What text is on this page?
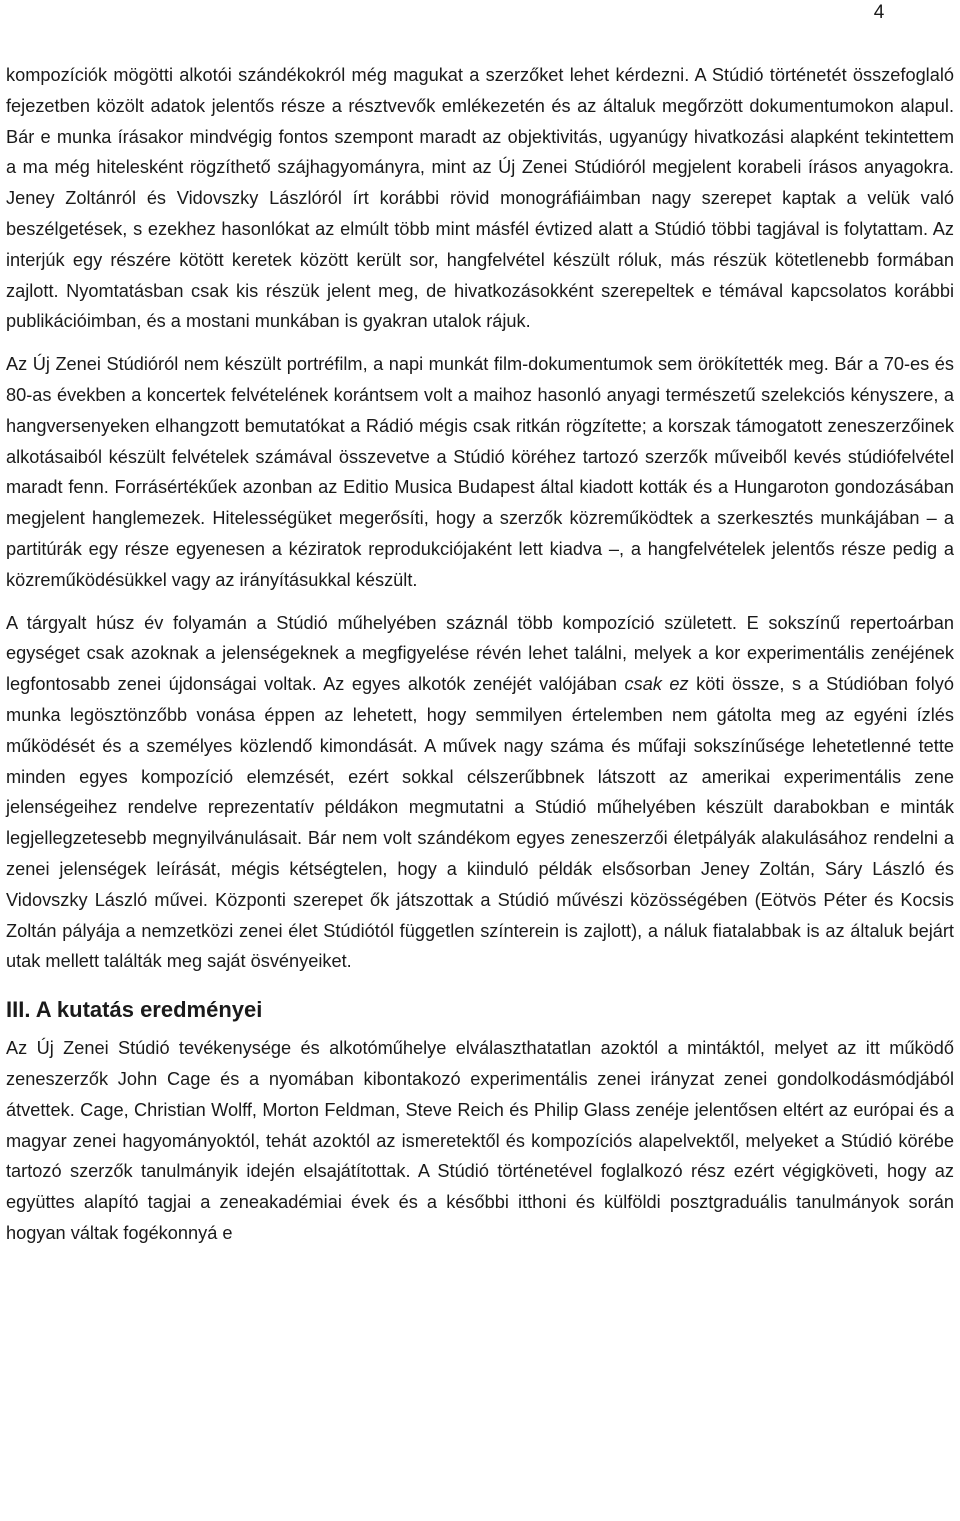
4

kompozíciók mögötti alkotói szándékokról még magukat a szerzőket lehet kérdezni. A Stúdió történetét összefoglaló fejezetben közölt adatok jelentős része a résztvevők emlékezetén és az általuk megőrzött dokumentumokon alapul. Bár e munka írásakor mindvégig fontos szempont maradt az objektivitás, ugyanúgy hivatkozási alapként tekintettem a ma még hitelesként rögzíthető szájhagyományra, mint az Új Zenei Stúdióról megjelent korabeli írásos anyagokra. Jeney Zoltánról és Vidovszky Lászlóról írt korábbi rövid monográfiáimban nagy szerepet kaptak a velük való beszélgetések, s ezekhez hasonlókat az elmúlt több mint másfél évtized alatt a Stúdió többi tagjával is folytattam. Az interjúk egy részére kötött keretek között került sor, hangfelvétel készült róluk, más részük kötetlenebb formában zajlott. Nyomtatásban csak kis részük jelent meg, de hivatkozásokként szerepeltek e témával kapcsolatos korábbi publikációimban, és a mostani munkában is gyakran utalok rájuk.

Az Új Zenei Stúdióról nem készült portréfilm, a napi munkát film-dokumentumok sem örökítették meg. Bár a 70-es és 80-as években a koncertek felvételének korántsem volt a maihoz hasonló anyagi természetű szelekciós kényszere, a hangversenyeken elhangzott bemutatókat a Rádió mégis csak ritkán rögzítette; a korszak támogatott zeneszerzőinek alkotásaiból készült felvételek számával összevetve a Stúdió köréhez tartozó szerzők műveiből kevés stúdiófelvétel maradt fenn. Forrásértékűek azonban az Editio Musica Budapest által kiadott kották és a Hungaroton gondozásában megjelent hanglemezek. Hitelességüket megerősíti, hogy a szerzők közreműködtek a szerkesztés munkájában – a partitúrák egy része egyenesen a kéziratok reprodukciójaként lett kiadva –, a hangfelvételek jelentős része pedig a közreműködésükkel vagy az irányításukkal készült.

A tárgyalt húsz év folyamán a Stúdió műhelyében száznál több kompozíció született. E sokszínű repertoárban egységet csak azoknak a jelenségeknek a megfigyelése révén lehet találni, melyek a kor experimentális zenéjének legfontosabb zenei újdonságai voltak. Az egyes alkotók zenéjét valójában csak ez köti össze, s a Stúdióban folyó munka legösztönzőbb vonása éppen az lehetett, hogy semmilyen értelemben nem gátolta meg az egyéni ízlés működését és a személyes közlendő kimondását. A művek nagy száma és műfaji sokszínűsége lehetetlenné tette minden egyes kompozíció elemzését, ezért sokkal célszerűbbnek látszott az amerikai experimentális zene jelenségeihez rendelve reprezentatív példákon megmutatni a Stúdió műhelyében készült darabokban e minták legjellegzetesebb megnyilvánulásait. Bár nem volt szándékom egyes zeneszerzői életpályák alakulásához rendelni a zenei jelenségek leírását, mégis kétségtelen, hogy a kiinduló példák elsősorban Jeney Zoltán, Sáry László és Vidovszky László művei. Központi szerepet ők játszottak a Stúdió művészi közösségében (Eötvös Péter és Kocsis Zoltán pályája a nemzetközi zenei élet Stúdiótól független színterein is zajlott), a náluk fiatalabbak is az általuk bejárt utak mellett találták meg saját ösvényeiket.

III. A kutatás eredményei

Az Új Zenei Stúdió tevékenysége és alkotóműhelye elválaszthatatlan azoktól a mintáktól, melyet az itt működő zeneszerzők John Cage és a nyomában kibontakozó experimentális zenei irányzat zenei gondolkodásmódjából átvettek. Cage, Christian Wolff, Morton Feldman, Steve Reich és Philip Glass zenéje jelentősen eltért az európai és a magyar zenei hagyományoktól, tehát azoktól az ismeretektől és kompozíciós alapelvektől, melyeket a Stúdió körébe tartozó szerzők tanulmányik idején elsajátítottak. A Stúdió történetével foglalkozó rész ezért végigköveti, hogy az együttes alapító tagjai a zeneakadémiai évek és a későbbi itthoni és külföldi posztgraduális tanulmányok során hogyan váltak fogékonnyá e
